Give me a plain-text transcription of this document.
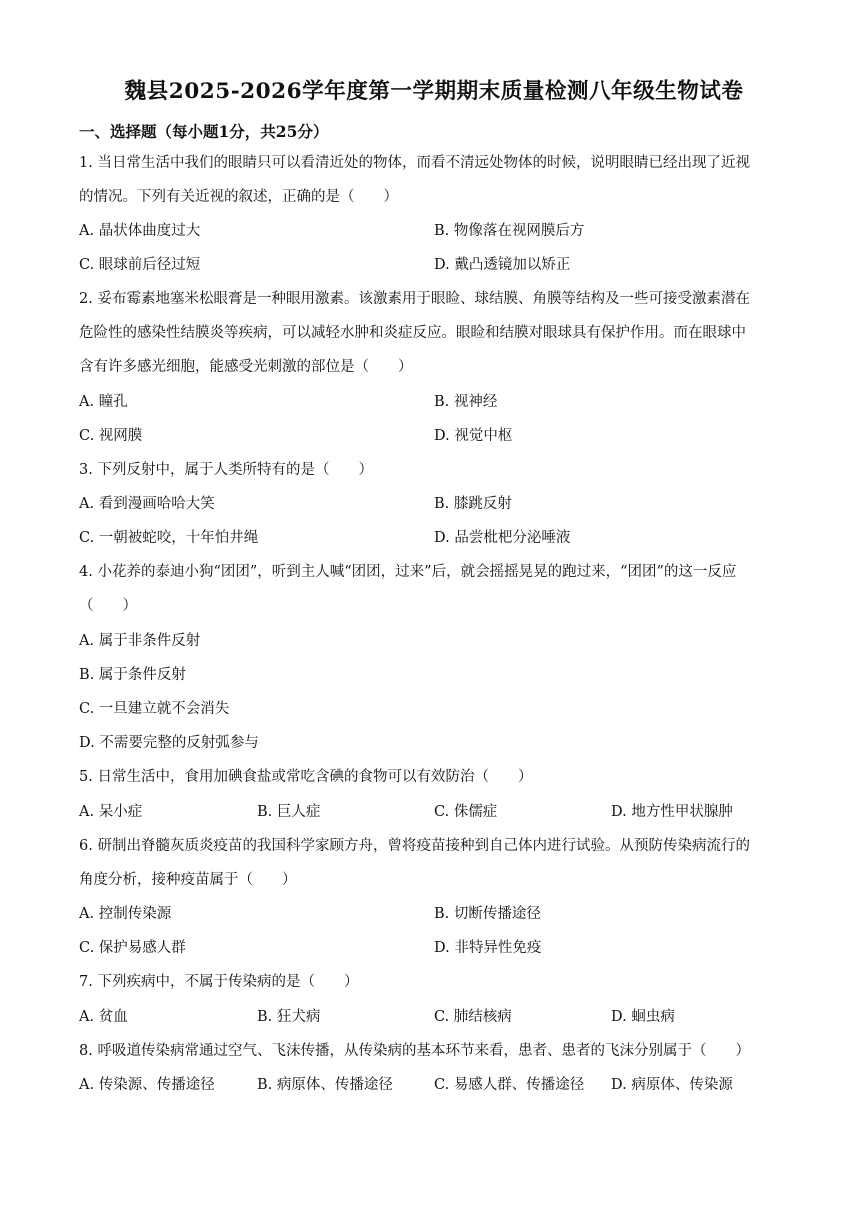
魏县2025-2026学年度第一学期期末质量检测八年级生物试卷
一、选择题（每小题1分，共25分）
1. 当日常生活中我们的眼睛只可以看清近处的物体，而看不清远处物体的时候，说明眼睛已经出现了近视
的情况。下列有关近视的叙述，正确的是（　　）
A. 晶状体曲度过大	B. 物像落在视网膜后方
C. 眼球前后径过短	D. 戴凸透镜加以矫正
2. 妥布霉素地塞米松眼膏是一种眼用激素。该激素用于眼睑、球结膜、角膜等结构及一些可接受激素潜在
危险性的感染性结膜炎等疾病，可以减轻水肿和炎症反应。眼睑和结膜对眼球具有保护作用。而在眼球中
含有许多感光细胞，能感受光刺激的部位是（　　）
A. 瞳孔	B. 视神经
C. 视网膜	D. 视觉中枢
3. 下列反射中，属于人类所特有的是（　　）
A. 看到漫画哈哈大笑	B. 膝跳反射
C. 一朝被蛇咬，十年怕井绳	D. 品尝枇杷分泌唾液
4. 小花养的泰迪小狗“团团”，听到主人喊“团团，过来”后，就会摇摇晃晃的跑过来，“团团”的这一反应
（　　）
A. 属于非条件反射
B. 属于条件反射
C. 一旦建立就不会消失
D. 不需要完整的反射弧参与
5. 日常生活中，食用加碘食盐或常吃含碘的食物可以有效防治（　　）
A. 呆小症	B. 巨人症	C. 侏儒症	D. 地方性甲状腺肿
6. 研制出脊髓灰质炎疫苗的我国科学家顾方舟，曾将疫苗接种到自己体内进行试验。从预防传染病流行的
角度分析，接种疫苗属于（　　）
A. 控制传染源	B. 切断传播途径
C. 保护易感人群	D. 非特异性免疫
7. 下列疾病中，不属于传染病的是（　　）
A. 贫血	B. 狂犬病	C. 肺结核病	D. 蛔虫病
8. 呼吸道传染病常通过空气、飞沫传播，从传染病的基本环节来看，患者、患者的飞沫分别属于（　　）
A. 传染源、传播途径	B. 病原体、传播途径	C. 易感人群、传播途径 D. 病原体、传染源
